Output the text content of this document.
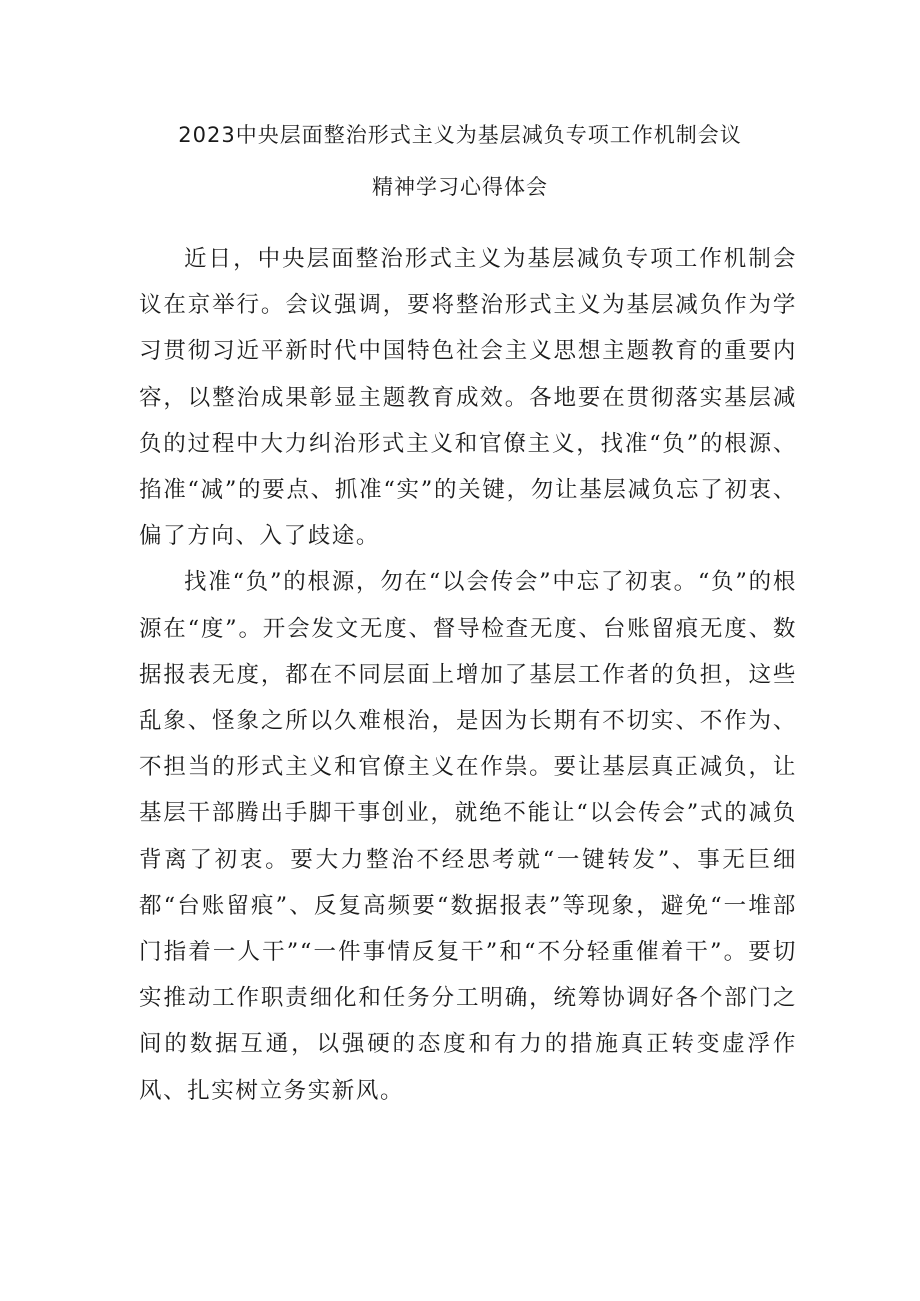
2023中央层面整治形式主义为基层减负专项工作机制会议
精神学习心得体会

近日，中央层面整治形式主义为基层减负专项工作机制会议在京举行。会议强调，要将整治形式主义为基层减负作为学习贯彻习近平新时代中国特色社会主义思想主题教育的重要内容，以整治成果彰显主题教育成效。各地要在贯彻落实基层减负的过程中大力纠治形式主义和官僚主义，找准“负”的根源、掐准“减”的要点、抓准“实”的关键，勿让基层减负忘了初衷、偏了方向、入了歧途。

找准“负”的根源，勿在“以会传会”中忘了初衷。“负”的根源在“度”。开会发文无度、督导检查无度、台账留痕无度、数据报表无度，都在不同层面上增加了基层工作者的负担，这些乱象、怪象之所以久难根治，是因为长期有不切实、不作为、不担当的形式主义和官僚主义在作祟。要让基层真正减负，让基层干部腾出手脚干事创业，就绝不能让“以会传会”式的减负背离了初衷。要大力整治不经思考就“一键转发”、事无巨细都“台账留痕”、反复高频要“数据报表”等现象，避免“一堆部门指着一人干”“一件事情反复干”和“不分轻重催着干”。要切实推动工作职责细化和任务分工明确，统筹协调好各个部门之间的数据互通，以强硬的态度和有力的措施真正转变虚浮作风、扎实树立务实新风。
